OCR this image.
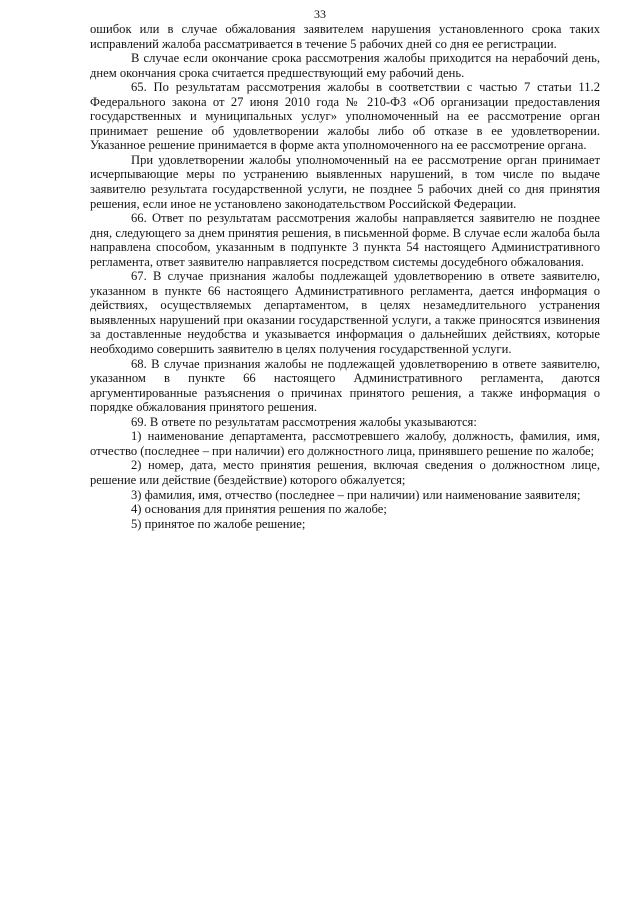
33

ошибок или в случае обжалования заявителем нарушения установленного срока таких исправлений жалоба рассматривается в течение 5 рабочих дней со дня ее регистрации.

В случае если окончание срока рассмотрения жалобы приходится на нерабочий день, днем окончания срока считается предшествующий ему рабочий день.

65. По результатам рассмотрения жалобы в соответствии с частью 7 статьи 11.2 Федерального закона от 27 июня 2010 года № 210-ФЗ «Об организации предоставления государственных и муниципальных услуг» уполномоченный на ее рассмотрение орган принимает решение об удовлетворении жалобы либо об отказе в ее удовлетворении. Указанное решение принимается в форме акта уполномоченного на ее рассмотрение органа.

При удовлетворении жалобы уполномоченный на ее рассмотрение орган принимает исчерпывающие меры по устранению выявленных нарушений, в том числе по выдаче заявителю результата государственной услуги, не позднее 5 рабочих дней со дня принятия решения, если иное не установлено законодательством Российской Федерации.

66. Ответ по результатам рассмотрения жалобы направляется заявителю не позднее дня, следующего за днем принятия решения, в письменной форме. В случае если жалоба была направлена способом, указанным в подпункте 3 пункта 54 настоящего Административного регламента, ответ заявителю направляется посредством системы досудебного обжалования.

67. В случае признания жалобы подлежащей удовлетворению в ответе заявителю, указанном в пункте 66 настоящего Административного регламента, дается информация о действиях, осуществляемых департаментом, в целях незамедлительного устранения выявленных нарушений при оказании государственной услуги, а также приносятся извинения за доставленные неудобства и указывается информация о дальнейших действиях, которые необходимо совершить заявителю в целях получения государственной услуги.

68. В случае признания жалобы не подлежащей удовлетворению в ответе заявителю, указанном в пункте 66 настоящего Административного регламента, даются аргументированные разъяснения о причинах принятого решения, а также информация о порядке обжалования принятого решения.

69. В ответе по результатам рассмотрения жалобы указываются:

1) наименование департамента, рассмотревшего жалобу, должность, фамилия, имя, отчество (последнее – при наличии) его должностного лица, принявшего решение по жалобе;

2) номер, дата, место принятия решения, включая сведения о должностном лице, решение или действие (бездействие) которого обжалуется;

3) фамилия, имя, отчество (последнее – при наличии) или наименование заявителя;

4) основания для принятия решения по жалобе;

5) принятое по жалобе решение;
